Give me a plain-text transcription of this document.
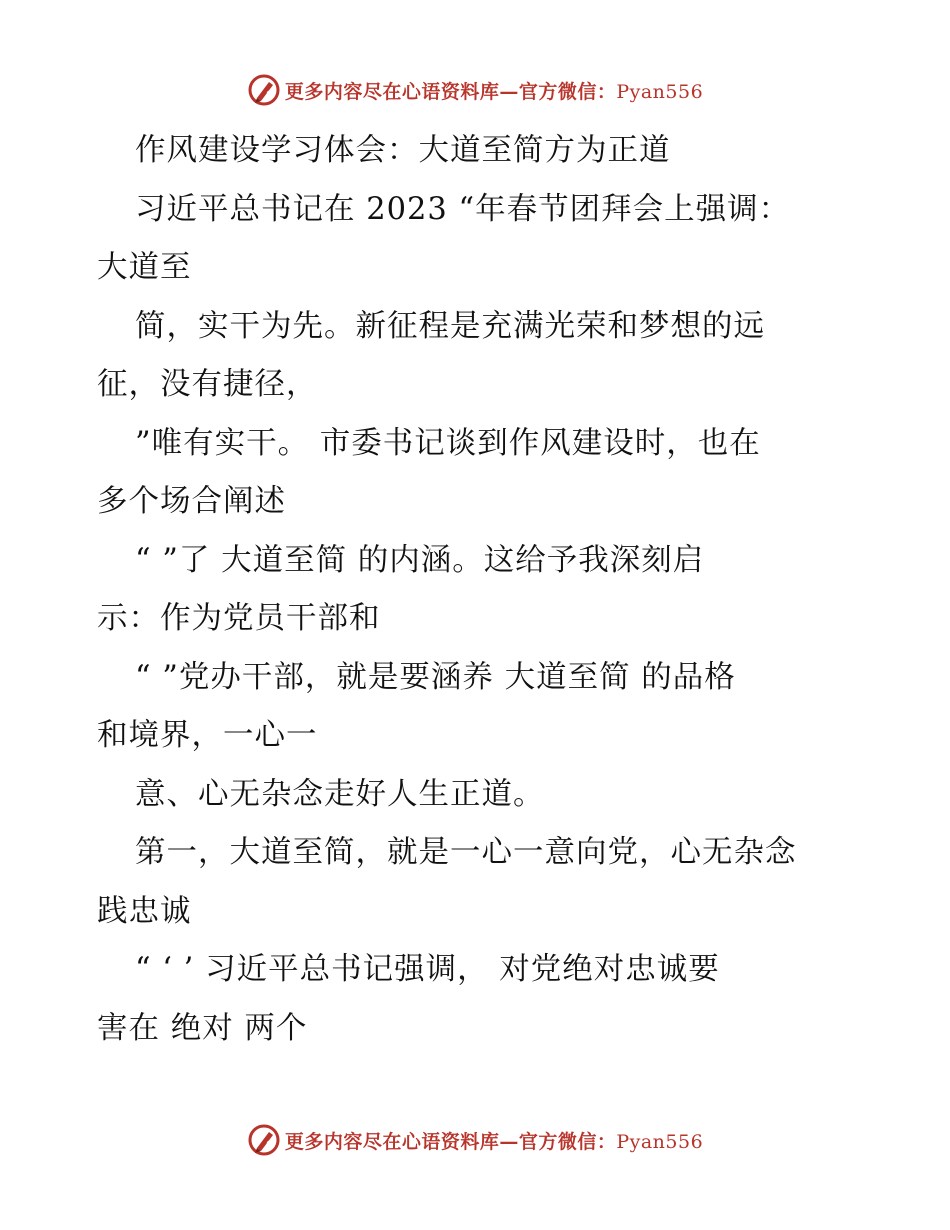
更多内容尽在心语资料库—官方微信：Pyan556
作风建设学习体会：大道至简方为正道
习近平总书记在 2023 “年春节团拜会上强调：
大道至
简，实干为先。新征程是充满光荣和梦想的远
征，没有捷径，
”唯有实干。 市委书记谈到作风建设时，也在
多个场合阐述
“ ”了 大道至简 的内涵。这给予我深刻启
示：作为党员干部和
“ ”党办干部，就是要涵养 大道至简 的品格
和境界，一心一
意、心无杂念走好人生正道。
第一，大道至简，就是一心一意向党，心无杂念
践忠诚
“ ‘ ’ 习近平总书记强调， 对党绝对忠诚要
害在 绝对 两个
更多内容尽在心语资料库—官方微信：Pyan556
